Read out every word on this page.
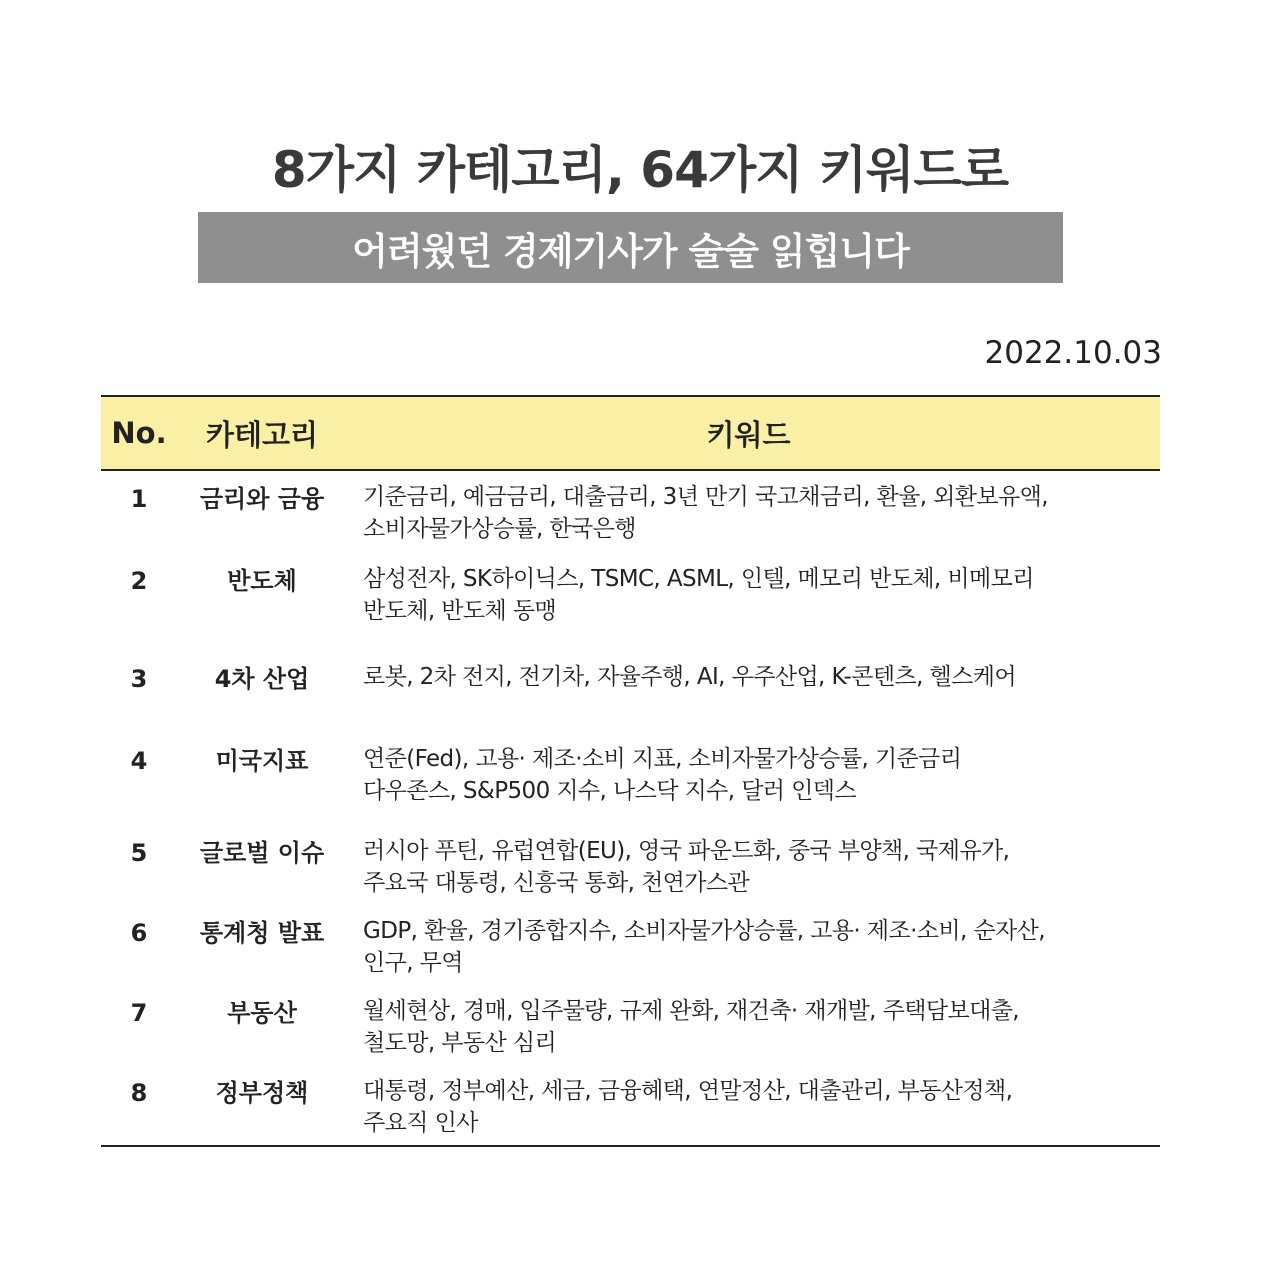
8가지 카테고리, 64가지 키워드로
어려웠던 경제기사가 술술 읽힙니다
2022.10.03
No.	카테고리	키워드
1	금리와 금융	기준금리, 예금금리, 대출금리, 3년 만기 국고채금리, 환율, 외환보유액,
소비자물가상승률, 한국은행
2	반도체	삼성전자, SK하이닉스, TSMC, ASML, 인텔, 메모리 반도체, 비메모리
반도체, 반도체 동맹
3	4차 산업	로봇, 2차 전지, 전기차, 자율주행, AI, 우주산업, K-콘텐츠, 헬스케어
4	미국지표	연준(Fed), 고용· 제조·소비 지표, 소비자물가상승률, 기준금리
다우존스, S&P500 지수, 나스닥 지수, 달러 인덱스
5	글로벌 이슈	러시아 푸틴, 유럽연합(EU), 영국 파운드화, 중국 부양책, 국제유가,
주요국 대통령, 신흥국 통화, 천연가스관
6	통계청 발표	GDP, 환율, 경기종합지수, 소비자물가상승률, 고용· 제조·소비, 순자산,
인구, 무역
7	부동산	월세현상, 경매, 입주물량, 규제 완화, 재건축· 재개발, 주택담보대출,
철도망, 부동산 심리
8	정부정책	대통령, 정부예산, 세금, 금융혜택, 연말정산, 대출관리, 부동산정책,
주요직 인사
